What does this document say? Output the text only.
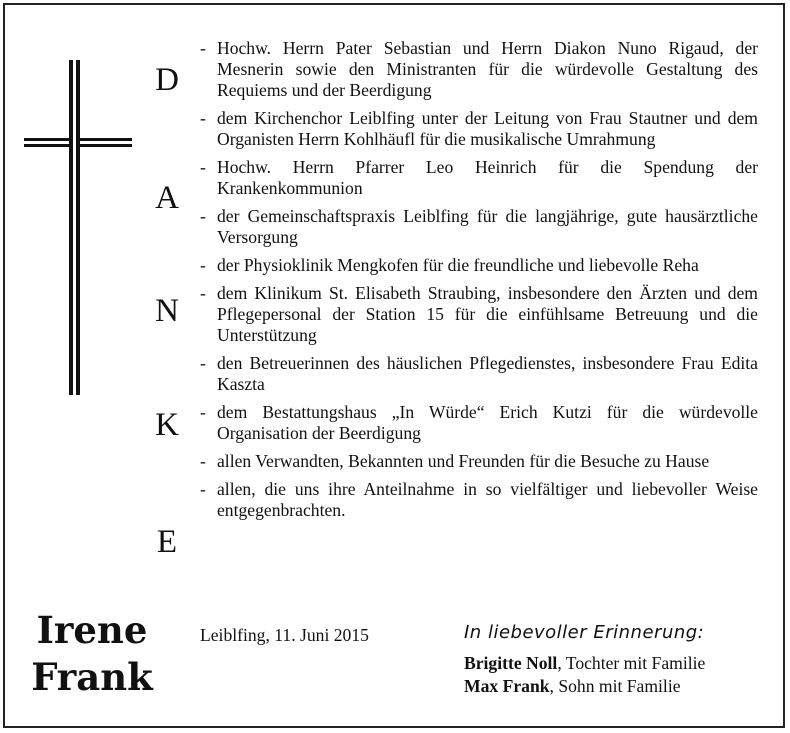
D
A
N
K
E
- Hochw. Herrn Pater Sebastian und Herrn Diakon Nuno Rigaud, der Mesnerin sowie den Ministranten für die würdevolle Gestaltung des Requiems und der Beerdigung
- dem Kirchenchor Leiblfing unter der Leitung von Frau Stautner und dem Organisten Herrn Kohlhäufl für die musikalische Umrahmung
- Hochw. Herrn Pfarrer Leo Heinrich für die Spendung der Krankenkommunion
- der Gemeinschaftspraxis Leiblfing für die langjährige, gute hausärztliche Versorgung
- der Physioklinik Mengkofen für die freundliche und liebevolle Reha
- dem Klinikum St. Elisabeth Straubing, insbesondere den Ärzten und dem Pflegepersonal der Station 15 für die einfühlsame Betreuung und die Unterstützung
- den Betreuerinnen des häuslichen Pflegedienstes, insbesondere Frau Edita Kaszta
- dem Bestattungshaus „In Würde“ Erich Kutzi für die würdevolle Organisation der Beerdigung
- allen Verwandten, Bekannten und Freunden für die Besuche zu Hause
- allen, die uns ihre Anteilnahme in so vielfältiger und liebevoller Weise entgegenbrachten.
Irene
Frank
Leiblfing, 11. Juni 2015	In liebevoller Erinnerung:
Brigitte Noll, Tochter mit Familie
Max Frank, Sohn mit Familie
